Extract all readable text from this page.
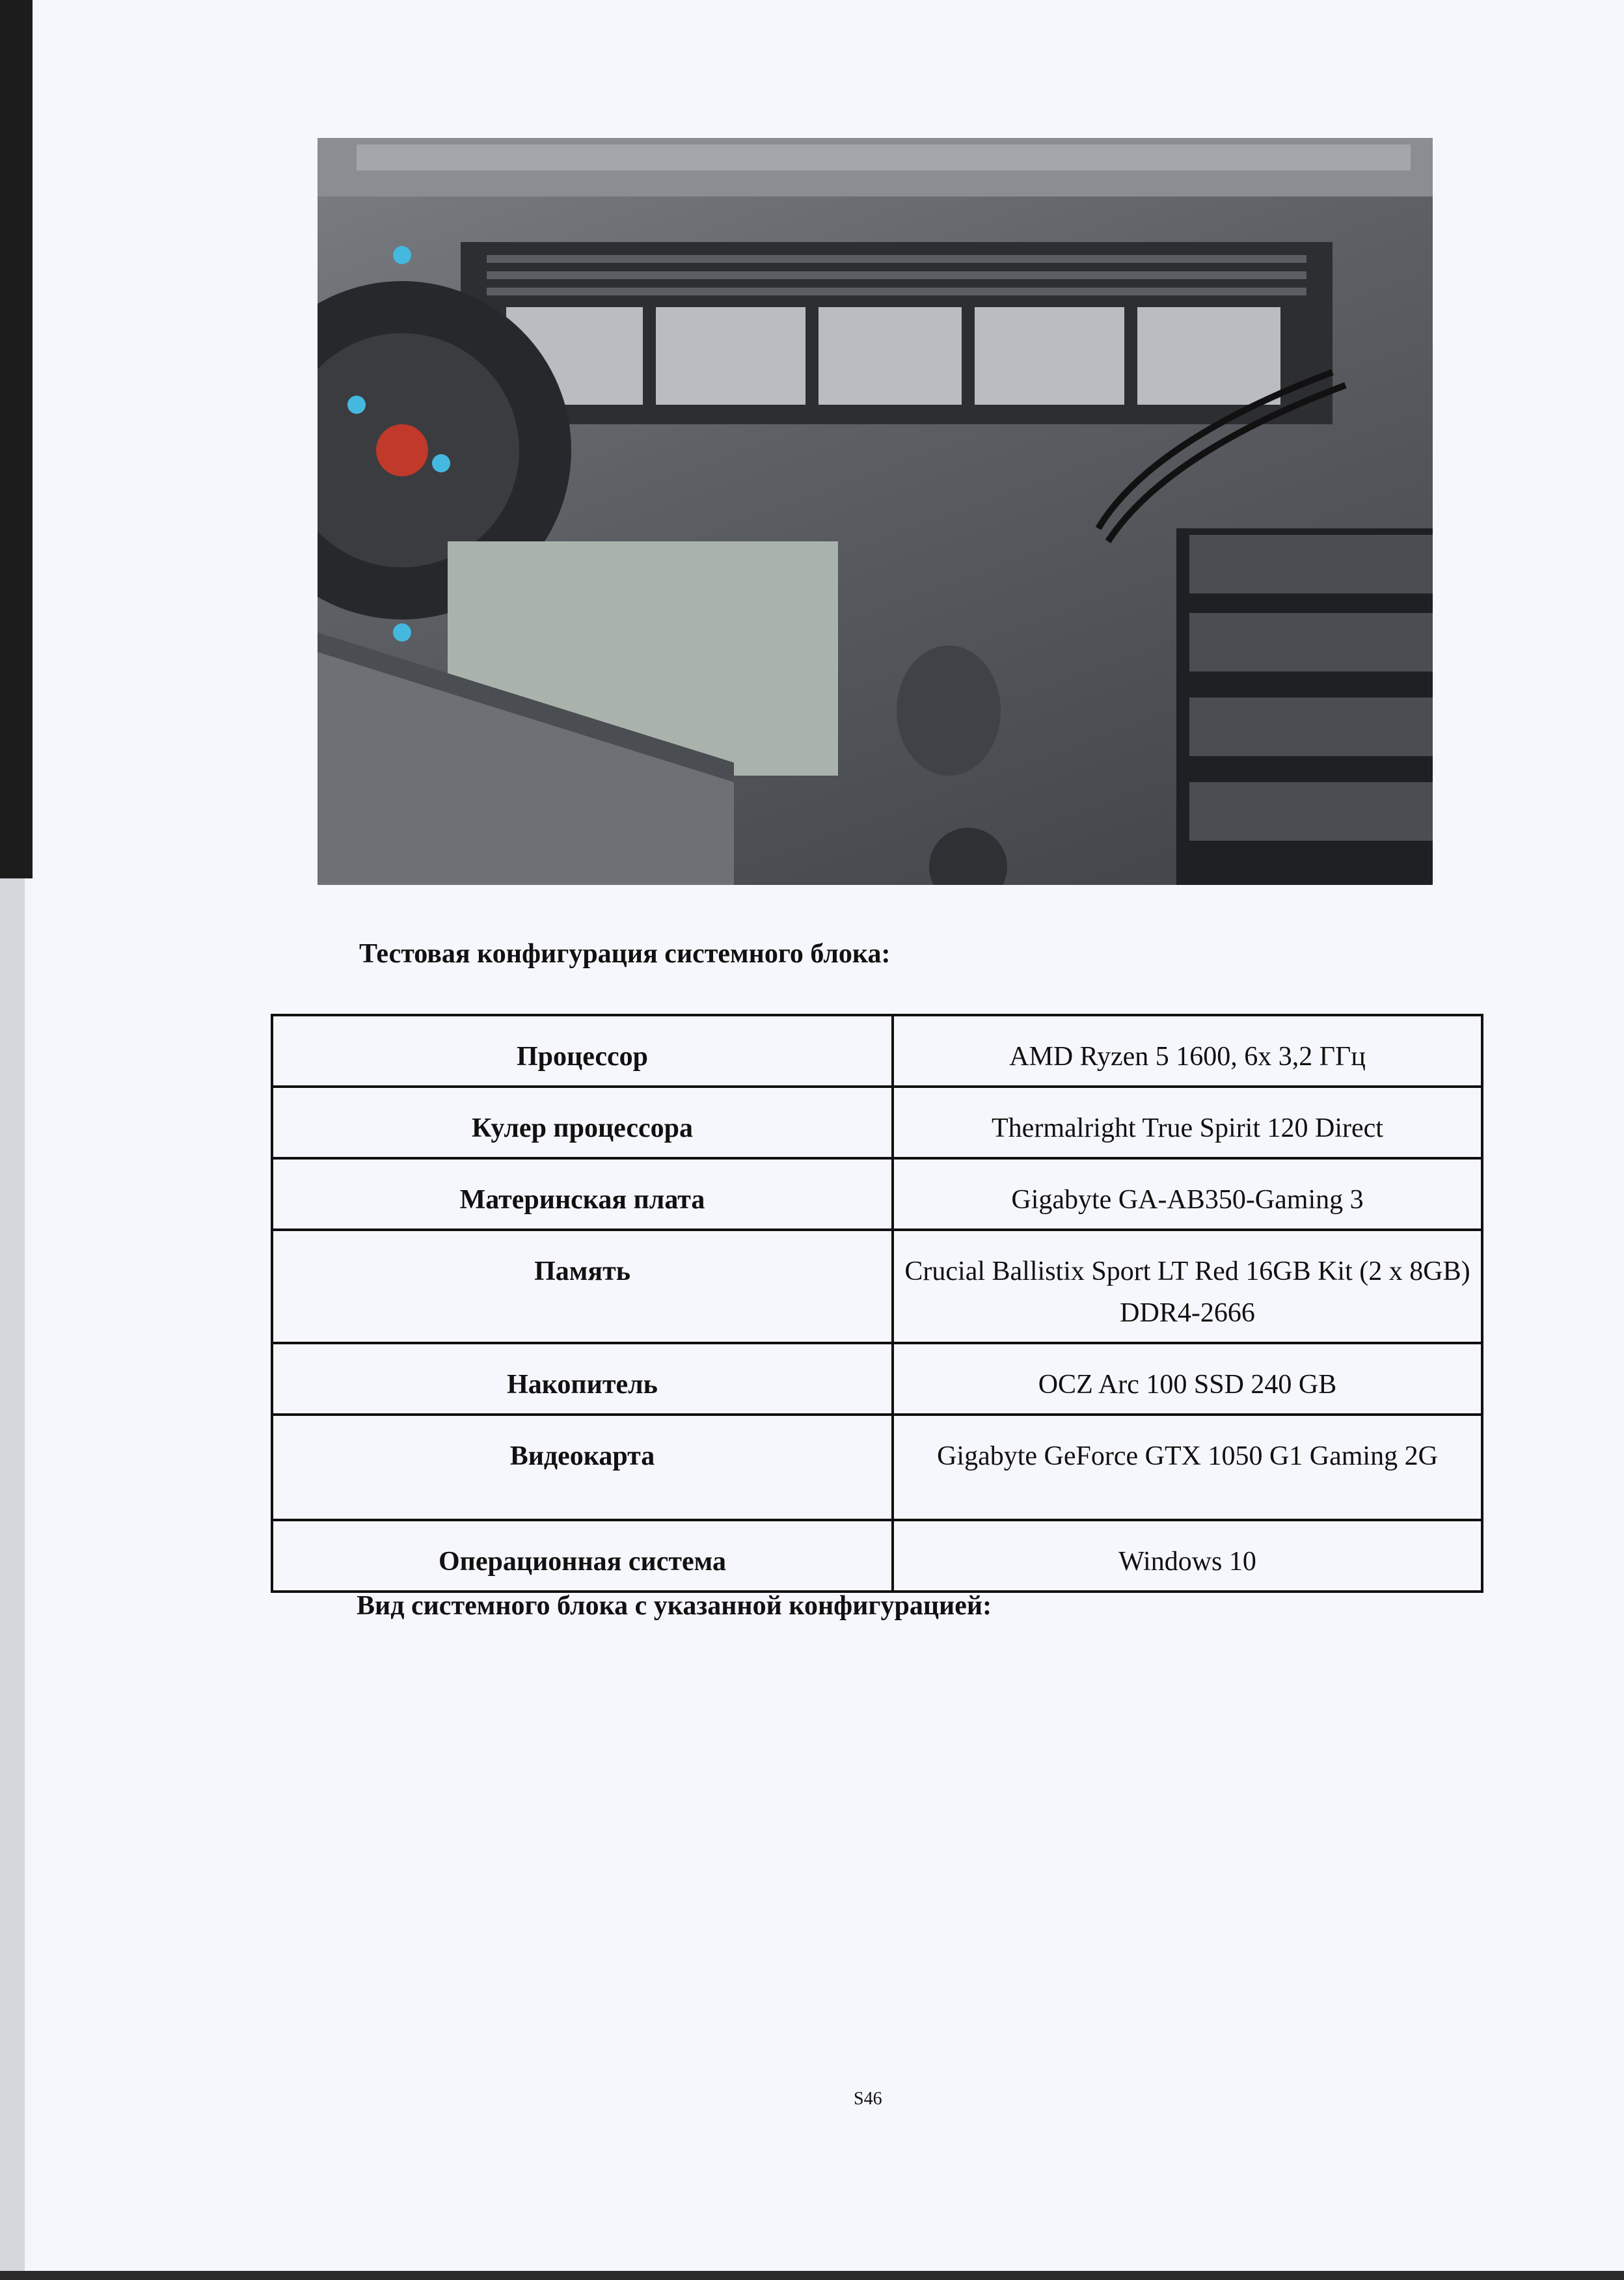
Тестовая конфигурация системного блока:
Процессор	AMD Ryzen 5 1600, 6x 3,2 ГГц
Кулер процессора	Thermalright True Spirit 120 Direct
Материнская плата	Gigabyte GA-AB350-Gaming 3
Память	Crucial Ballistix Sport LT Red 16GB Kit (2 x 8GB) DDR4-2666
Накопитель	OCZ Arc 100 SSD 240 GB
Видеокарта	Gigabyte GeForce GTX 1050 G1 Gaming 2G
Операционная система	Windows 10
Вид системного блока с указанной конфигурацией:
S46
